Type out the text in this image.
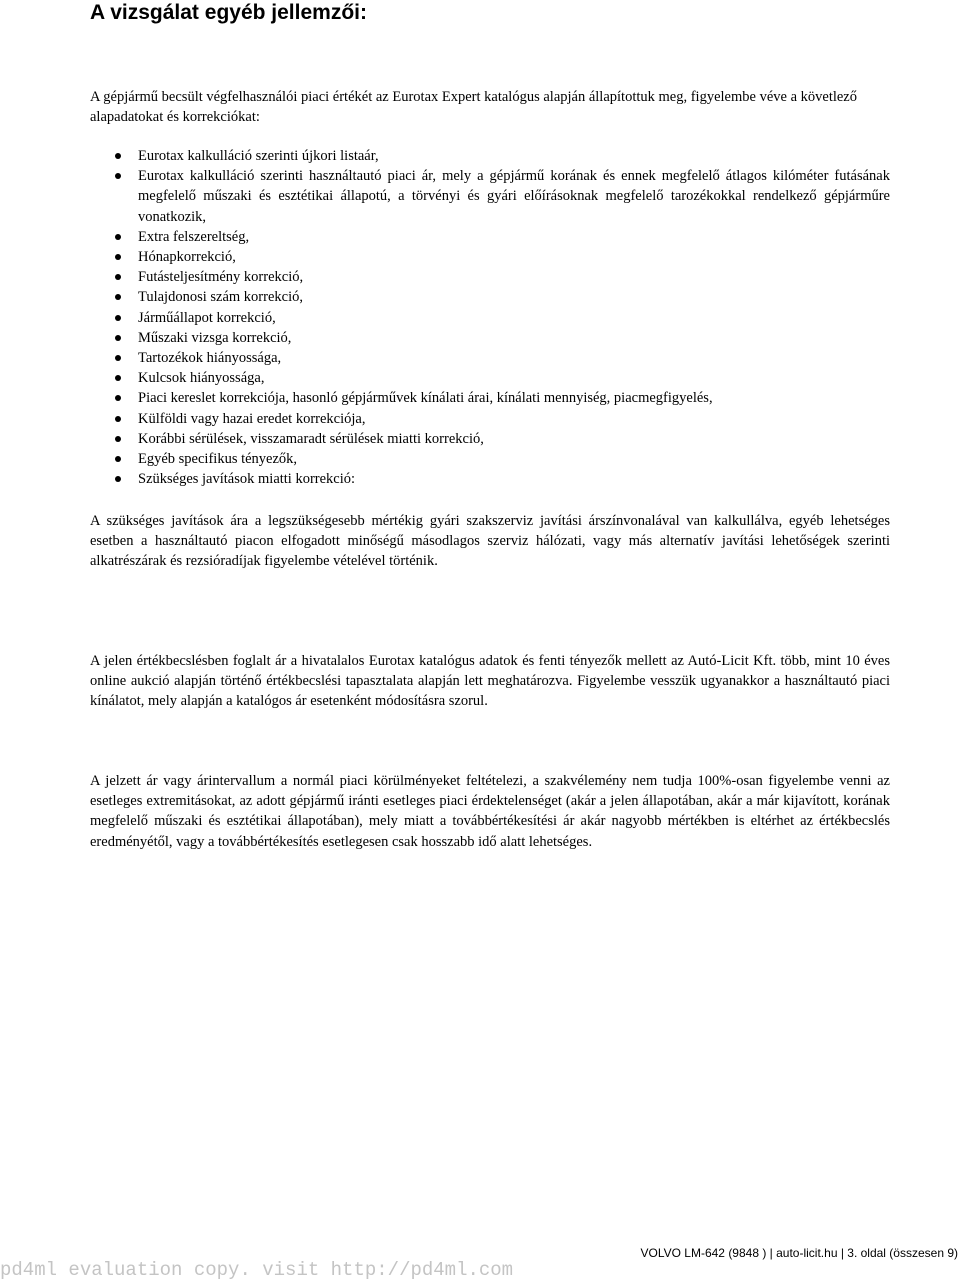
A vizsgálat egyéb jellemzői:

A gépjármű becsült végfelhasználói piaci értékét az Eurotax Expert katalógus alapján állapítottuk meg, figyelembe véve a követlező alapadatokat és korrekciókat:

Eurotax kalkulláció szerinti újkori listaár,
Eurotax kalkulláció szerinti használtautó piaci ár, mely a gépjármű korának és ennek megfelelő átlagos kilóméter futásának megfelelő műszaki és esztétikai állapotú, a törvényi és gyári előírásoknak megfelelő tarozékokkal rendelkező gépjárműre vonatkozik,
Extra felszereltség,
Hónapkorrekció,
Futásteljesítmény korrekció,
Tulajdonosi szám korrekció,
Járműállapot korrekció,
Műszaki vizsga korrekció,
Tartozékok hiányossága,
Kulcsok hiányossága,
Piaci kereslet korrekciója, hasonló gépjárművek kínálati árai, kínálati mennyiség, piacmegfigyelés,
Külföldi vagy hazai eredet korrekciója,
Korábbi sérülések, visszamaradt sérülések miatti korrekció,
Egyéb specifikus tényezők,
Szükséges javítások miatti korrekció:

A szükséges javítások ára a legszükségesebb mértékig gyári szakszerviz javítási árszínvonalával van kalkullálva, egyéb lehetséges esetben a használtautó piacon elfogadott minőségű másodlagos szerviz hálózati, vagy más alternatív javítási lehetőségek szerinti alkatrészárak és rezsióradíjak figyelembe vételével történik.

A jelen értékbecslésben foglalt ár a hivatalalos Eurotax katalógus adatok és fenti tényezők mellett az Autó-Licit Kft. több, mint 10 éves online aukció alapján történő értékbecslési tapasztalata alapján lett meghatározva. Figyelembe vesszük ugyanakkor a használtautó piaci kínálatot, mely alapján a katalógos ár esetenként módosításra szorul.

A jelzett ár vagy árintervallum a normál piaci körülményeket feltételezi, a szakvélemény nem tudja 100%-osan figyelembe venni az esetleges extremitásokat, az adott gépjármű iránti esetleges piaci érdektelenséget (akár a jelen állapotában, akár a már kijavított, korának megfelelő műszaki és esztétikai állapotában), mely miatt a továbbértékesítési ár akár nagyobb mértékben is eltérhet az értékbecslés eredményétől, vagy a továbbértékesítés esetlegesen csak hosszabb idő alatt lehetséges.

VOLVO LM-642 (9848 ) | auto-licit.hu | 3. oldal (összesen 9)
pd4ml evaluation copy. visit http://pd4ml.com
